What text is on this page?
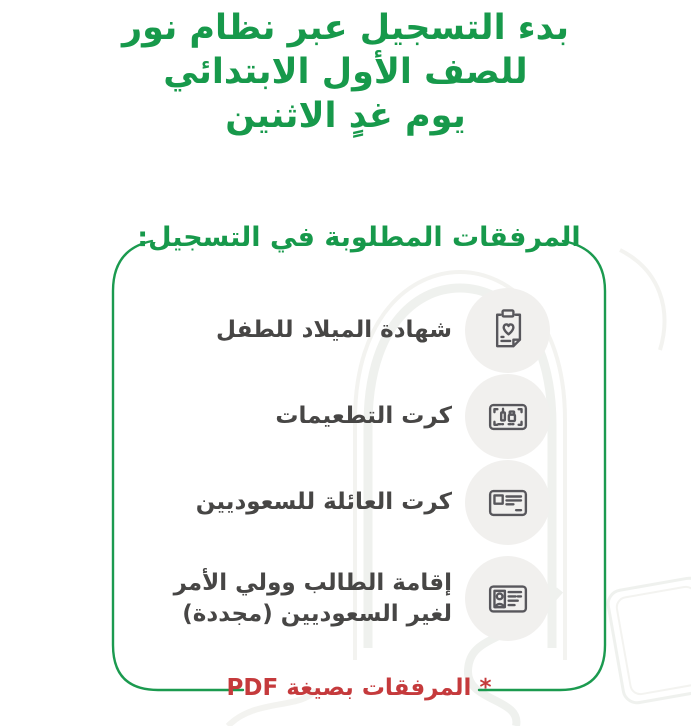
بدء التسجيل عبر نظام نور
للصف الأول الابتدائي
يوم غدٍ الاثنين
المرفقات المطلوبة في التسجيل:
شهادة الميلاد للطفل
كرت التطعيمات
كرت العائلة للسعوديين
إقامة الطالب وولي الأمر
لغير السعوديين (مجددة)
* المرفقات بصيغة PDF
